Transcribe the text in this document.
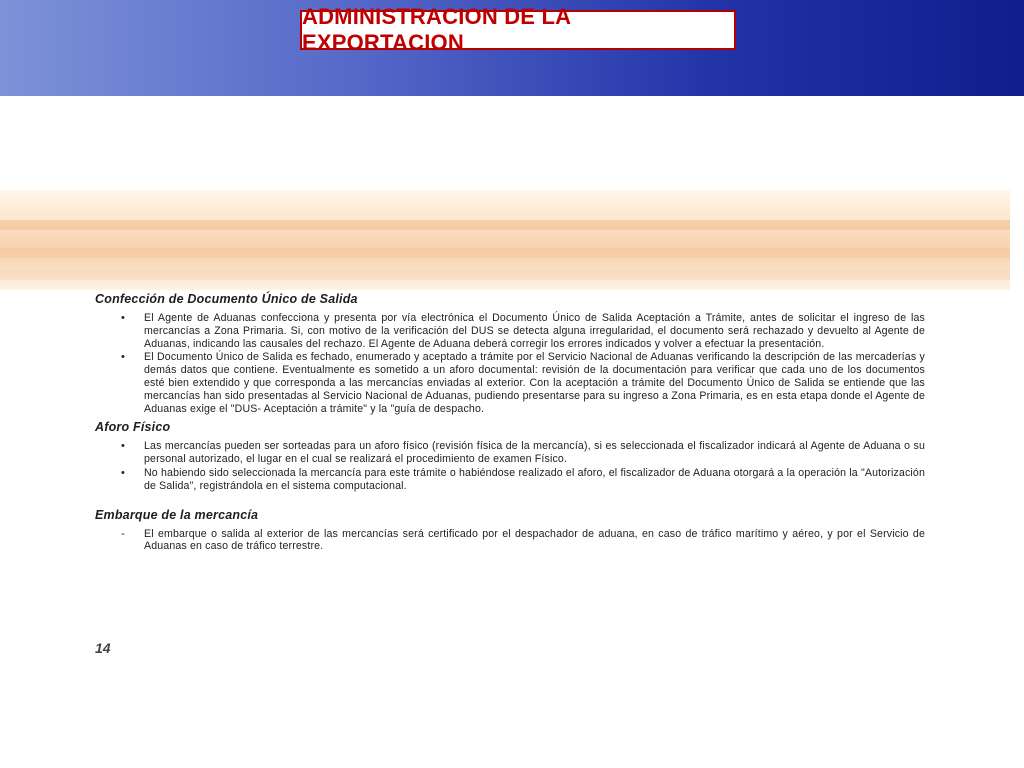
ADMINISTRACION DE LA EXPORTACION
Confección de Documento Único de Salida
•	El Agente de Aduanas confecciona y presenta por vía electrónica el Documento Único de Salida Aceptación a Trámite, antes de solicitar el ingreso de las mercancías a Zona Primaria. Si, con motivo de la verificación del DUS se detecta alguna irregularidad, el documento será rechazado y devuelto al Agente de Aduanas, indicando las causales del rechazo. El Agente de Aduana deberá corregir los errores indicados y volver a efectuar la presentación.
•	El Documento Único de Salida es fechado, enumerado y aceptado a trámite por el Servicio Nacional de Aduanas verificando la descripción de las mercaderías y demás datos que contiene. Eventualmente es sometido a un aforo documental: revisión de la documentación para verificar que cada uno de los documentos esté bien extendido y que corresponda a las mercancías enviadas al exterior. Con la aceptación a trámite del Documento Único de Salida se entiende que las mercancías han sido presentadas al Servicio Nacional de Aduanas, pudiendo presentarse para su ingreso a Zona Primaria, es en esta etapa donde el Agente de Aduanas exige el "DUS- Aceptación a trámite" y la "guía de despacho.
Aforo Físico
•	Las mercancías pueden ser sorteadas para un aforo físico (revisión física de la mercancía), si es seleccionada el fiscalizador indicará al Agente de Aduana o su personal autorizado, el lugar en el cual se realizará el procedimiento de examen Físico.
•	No habiendo sido seleccionada la mercancía para este trámite o habiéndose realizado el aforo, el fiscalizador de Aduana otorgará a la operación la "Autorización de Salida", registrándola en el sistema computacional.
Embarque de la mercancía
-	El embarque o salida al exterior de las mercancías será certificado por el despachador de aduana, en caso de tráfico marítimo y aéreo, y por el Servicio de Aduanas en caso de tráfico terrestre.
14
